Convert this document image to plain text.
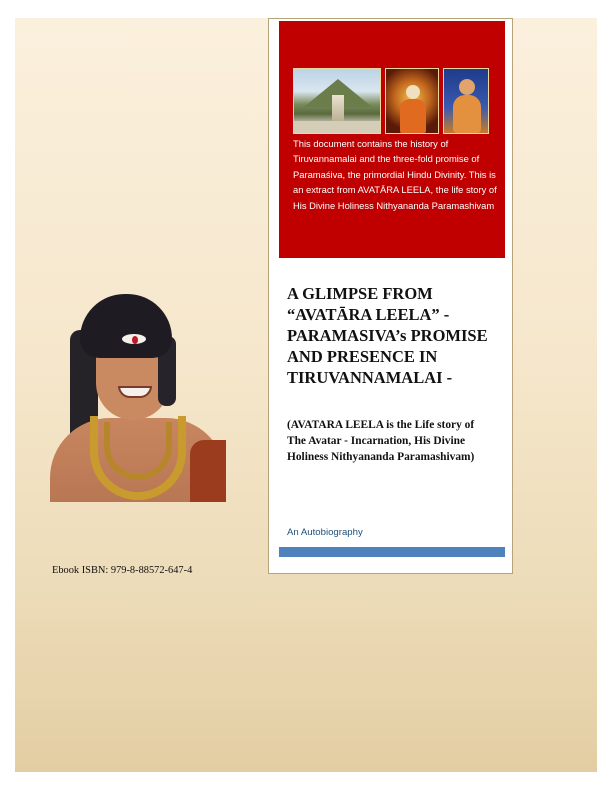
Ebook ISBN: 979-8-88572-647-4

This document contains the history of Tiruvannamalai and the three-fold promise of Paramaśiva, the primordial Hindu Divinity. This is an extract from AVATĀRA LEELA, the life story of His Divine Holiness Nithyananda Paramashivam

A GLIMPSE FROM “AVATĀRA LEELA” - PARAMASIVA’s PROMISE AND PRESENCE IN TIRUVANNAMALAI -

(AVATARA LEELA is the Life story of The Avatar - Incarnation, His Divine Holiness Nithyananda Paramashivam)

An Autobiography
